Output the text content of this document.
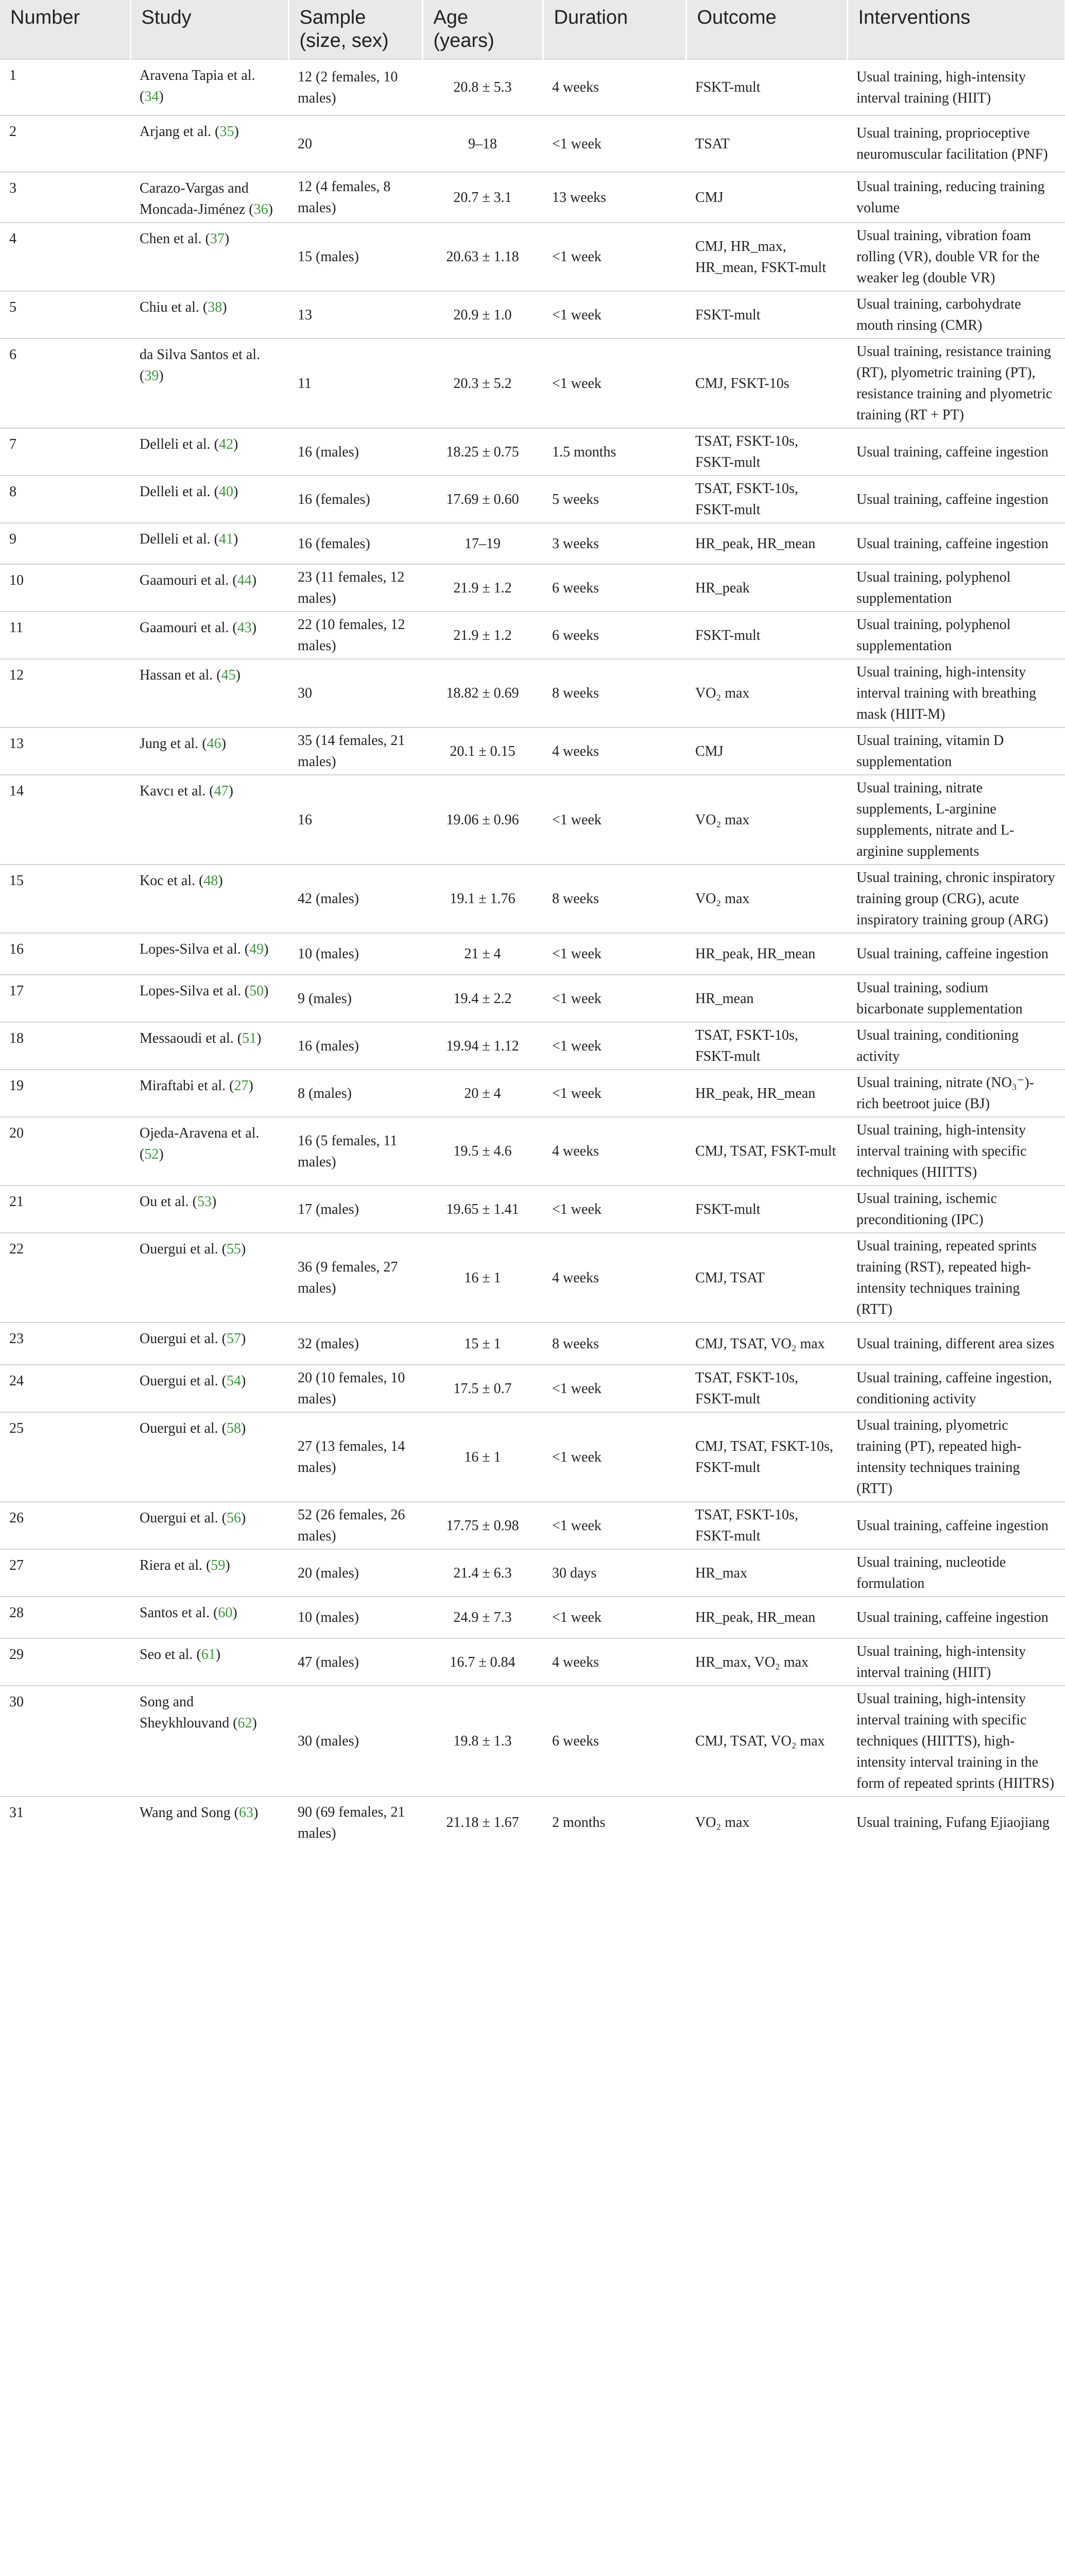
Number	Study	Sample (size, sex)	Age (years)	Duration	Outcome	Interventions
1	Aravena Tapia et al. (34)	12 (2 females, 10 males)	20.8 ± 5.3	4 weeks	FSKT-mult	Usual training, high-intensity interval training (HIIT)
2	Arjang et al. (35)	20	9–18	<1 week	TSAT	Usual training, proprioceptive neuromuscular facilitation (PNF)
3	Carazo-Vargas and Moncada-Jiménez (36)	12 (4 females, 8 males)	20.7 ± 3.1	13 weeks	CMJ	Usual training, reducing training volume
4	Chen et al. (37)	15 (males)	20.63 ± 1.18	<1 week	CMJ, HR_max, HR_mean, FSKT-mult	Usual training, vibration foam rolling (VR), double VR for the weaker leg (double VR)
5	Chiu et al. (38)	13	20.9 ± 1.0	<1 week	FSKT-mult	Usual training, carbohydrate mouth rinsing (CMR)
6	da Silva Santos et al. (39)	11	20.3 ± 5.2	<1 week	CMJ, FSKT-10s	Usual training, resistance training (RT), plyometric training (PT), resistance training and plyometric training (RT + PT)
7	Delleli et al. (42)	16 (males)	18.25 ± 0.75	1.5 months	TSAT, FSKT-10s, FSKT-mult	Usual training, caffeine ingestion
8	Delleli et al. (40)	16 (females)	17.69 ± 0.60	5 weeks	TSAT, FSKT-10s, FSKT-mult	Usual training, caffeine ingestion
9	Delleli et al. (41)	16 (females)	17–19	3 weeks	HR_peak, HR_mean	Usual training, caffeine ingestion
10	Gaamouri et al. (44)	23 (11 females, 12 males)	21.9 ± 1.2	6 weeks	HR_peak	Usual training, polyphenol supplementation
11	Gaamouri et al. (43)	22 (10 females, 12 males)	21.9 ± 1.2	6 weeks	FSKT-mult	Usual training, polyphenol supplementation
12	Hassan et al. (45)	30	18.82 ± 0.69	8 weeks	VO₂ max	Usual training, high-intensity interval training with breathing mask (HIIT-M)
13	Jung et al. (46)	35 (14 females, 21 males)	20.1 ± 0.15	4 weeks	CMJ	Usual training, vitamin D supplementation
14	Kavcı et al. (47)	16	19.06 ± 0.96	<1 week	VO₂ max	Usual training, nitrate supplements, L-arginine supplements, nitrate and L-arginine supplements
15	Koc et al. (48)	42 (males)	19.1 ± 1.76	8 weeks	VO₂ max	Usual training, chronic inspiratory training group (CRG), acute inspiratory training group (ARG)
16	Lopes-Silva et al. (49)	10 (males)	21 ± 4	<1 week	HR_peak, HR_mean	Usual training, caffeine ingestion
17	Lopes-Silva et al. (50)	9 (males)	19.4 ± 2.2	<1 week	HR_mean	Usual training, sodium bicarbonate supplementation
18	Messaoudi et al. (51)	16 (males)	19.94 ± 1.12	<1 week	TSAT, FSKT-10s, FSKT-mult	Usual training, conditioning activity
19	Miraftabi et al. (27)	8 (males)	20 ± 4	<1 week	HR_peak, HR_mean	Usual training, nitrate (NO₃⁻)-rich beetroot juice (BJ)
20	Ojeda-Aravena et al. (52)	16 (5 females, 11 males)	19.5 ± 4.6	4 weeks	CMJ, TSAT, FSKT-mult	Usual training, high-intensity interval training with specific techniques (HIITTS)
21	Ou et al. (53)	17 (males)	19.65 ± 1.41	<1 week	FSKT-mult	Usual training, ischemic preconditioning (IPC)
22	Ouergui et al. (55)	36 (9 females, 27 males)	16 ± 1	4 weeks	CMJ, TSAT	Usual training, repeated sprints training (RST), repeated high-intensity techniques training (RTT)
23	Ouergui et al. (57)	32 (males)	15 ± 1	8 weeks	CMJ, TSAT, VO₂ max	Usual training, different area sizes
24	Ouergui et al. (54)	20 (10 females, 10 males)	17.5 ± 0.7	<1 week	TSAT, FSKT-10s, FSKT-mult	Usual training, caffeine ingestion, conditioning activity
25	Ouergui et al. (58)	27 (13 females, 14 males)	16 ± 1	<1 week	CMJ, TSAT, FSKT-10s, FSKT-mult	Usual training, plyometric training (PT), repeated high-intensity techniques training (RTT)
26	Ouergui et al. (56)	52 (26 females, 26 males)	17.75 ± 0.98	<1 week	TSAT, FSKT-10s, FSKT-mult	Usual training, caffeine ingestion
27	Riera et al. (59)	20 (males)	21.4 ± 6.3	30 days	HR_max	Usual training, nucleotide formulation
28	Santos et al. (60)	10 (males)	24.9 ± 7.3	<1 week	HR_peak, HR_mean	Usual training, caffeine ingestion
29	Seo et al. (61)	47 (males)	16.7 ± 0.84	4 weeks	HR_max, VO₂ max	Usual training, high-intensity interval training (HIIT)
30	Song and Sheykhlouvand (62)	30 (males)	19.8 ± 1.3	6 weeks	CMJ, TSAT, VO₂ max	Usual training, high-intensity interval training with specific techniques (HIITTS), high-intensity interval training in the form of repeated sprints (HIITRS)
31	Wang and Song (63)	90 (69 females, 21 males)	21.18 ± 1.67	2 months	VO₂ max	Usual training, Fufang Ejiaojiang
